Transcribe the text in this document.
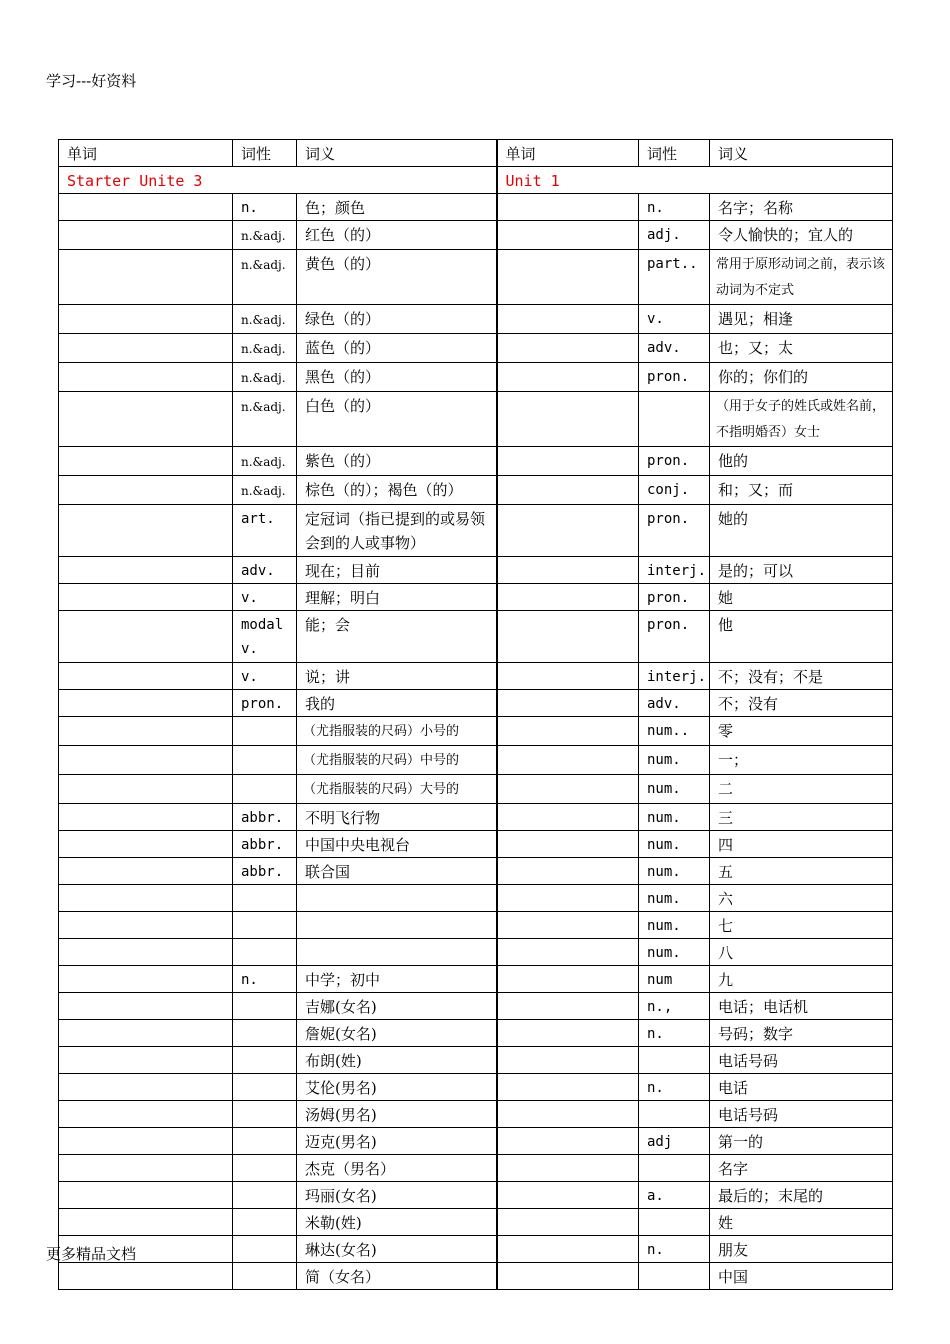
学习---好资料
单词	词性	词义	单词	词性	词义
Starter Unite 3			Unit 1		
	n.	色；颜色		n.	名字；名称
	n.&adj.	红色（的）		adj.	令人愉快的；宜人的
	n.&adj.	黄色（的）		part..	常用于原形动词之前，表示该动词为不定式
	n.&adj.	绿色（的）		v.	遇见；相逢
	n.&adj.	蓝色（的）		adv.	也；又；太
	n.&adj.	黑色（的）		pron.	你的；你们的
	n.&adj.	白色（的）			（用于女子的姓氏或姓名前，不指明婚否）女士
	n.&adj.	紫色（的）		pron.	他的
	n.&adj.	棕色（的）；褐色（的）		conj.	和；又；而
	art.	定冠词（指已提到的或易领会到的人或事物）		pron.	她的
	adv.	现在；目前		interj.	是的；可以
	v.	理解；明白		pron.	她
	modal v.	能；会		pron.	他
	v.	说；讲		interj.	不；没有；不是
	pron.	我的		adv.	不；没有
		（尤指服装的尺码）小号的		num..	零
		（尤指服装的尺码）中号的		num.	一；
		（尤指服装的尺码）大号的		num.	二
	abbr.	不明飞行物		num.	三
	abbr.	中国中央电视台		num.	四
	abbr.	联合国		num.	五
				num.	六
				num.	七
				num.	八
	n.	中学；初中		num	九
		吉娜(女名)		n.,	电话；电话机
		詹妮(女名)		n.	号码；数字
		布朗(姓)			电话号码
		艾伦(男名)		n.	电话
		汤姆(男名)			电话号码
		迈克(男名)		adj	第一的
		杰克（男名）			名字
		玛丽(女名)		a.	最后的；末尾的
		米勒(姓)			姓
		琳达(女名)		n.	朋友
		简（女名）			中国
更多精品文档
